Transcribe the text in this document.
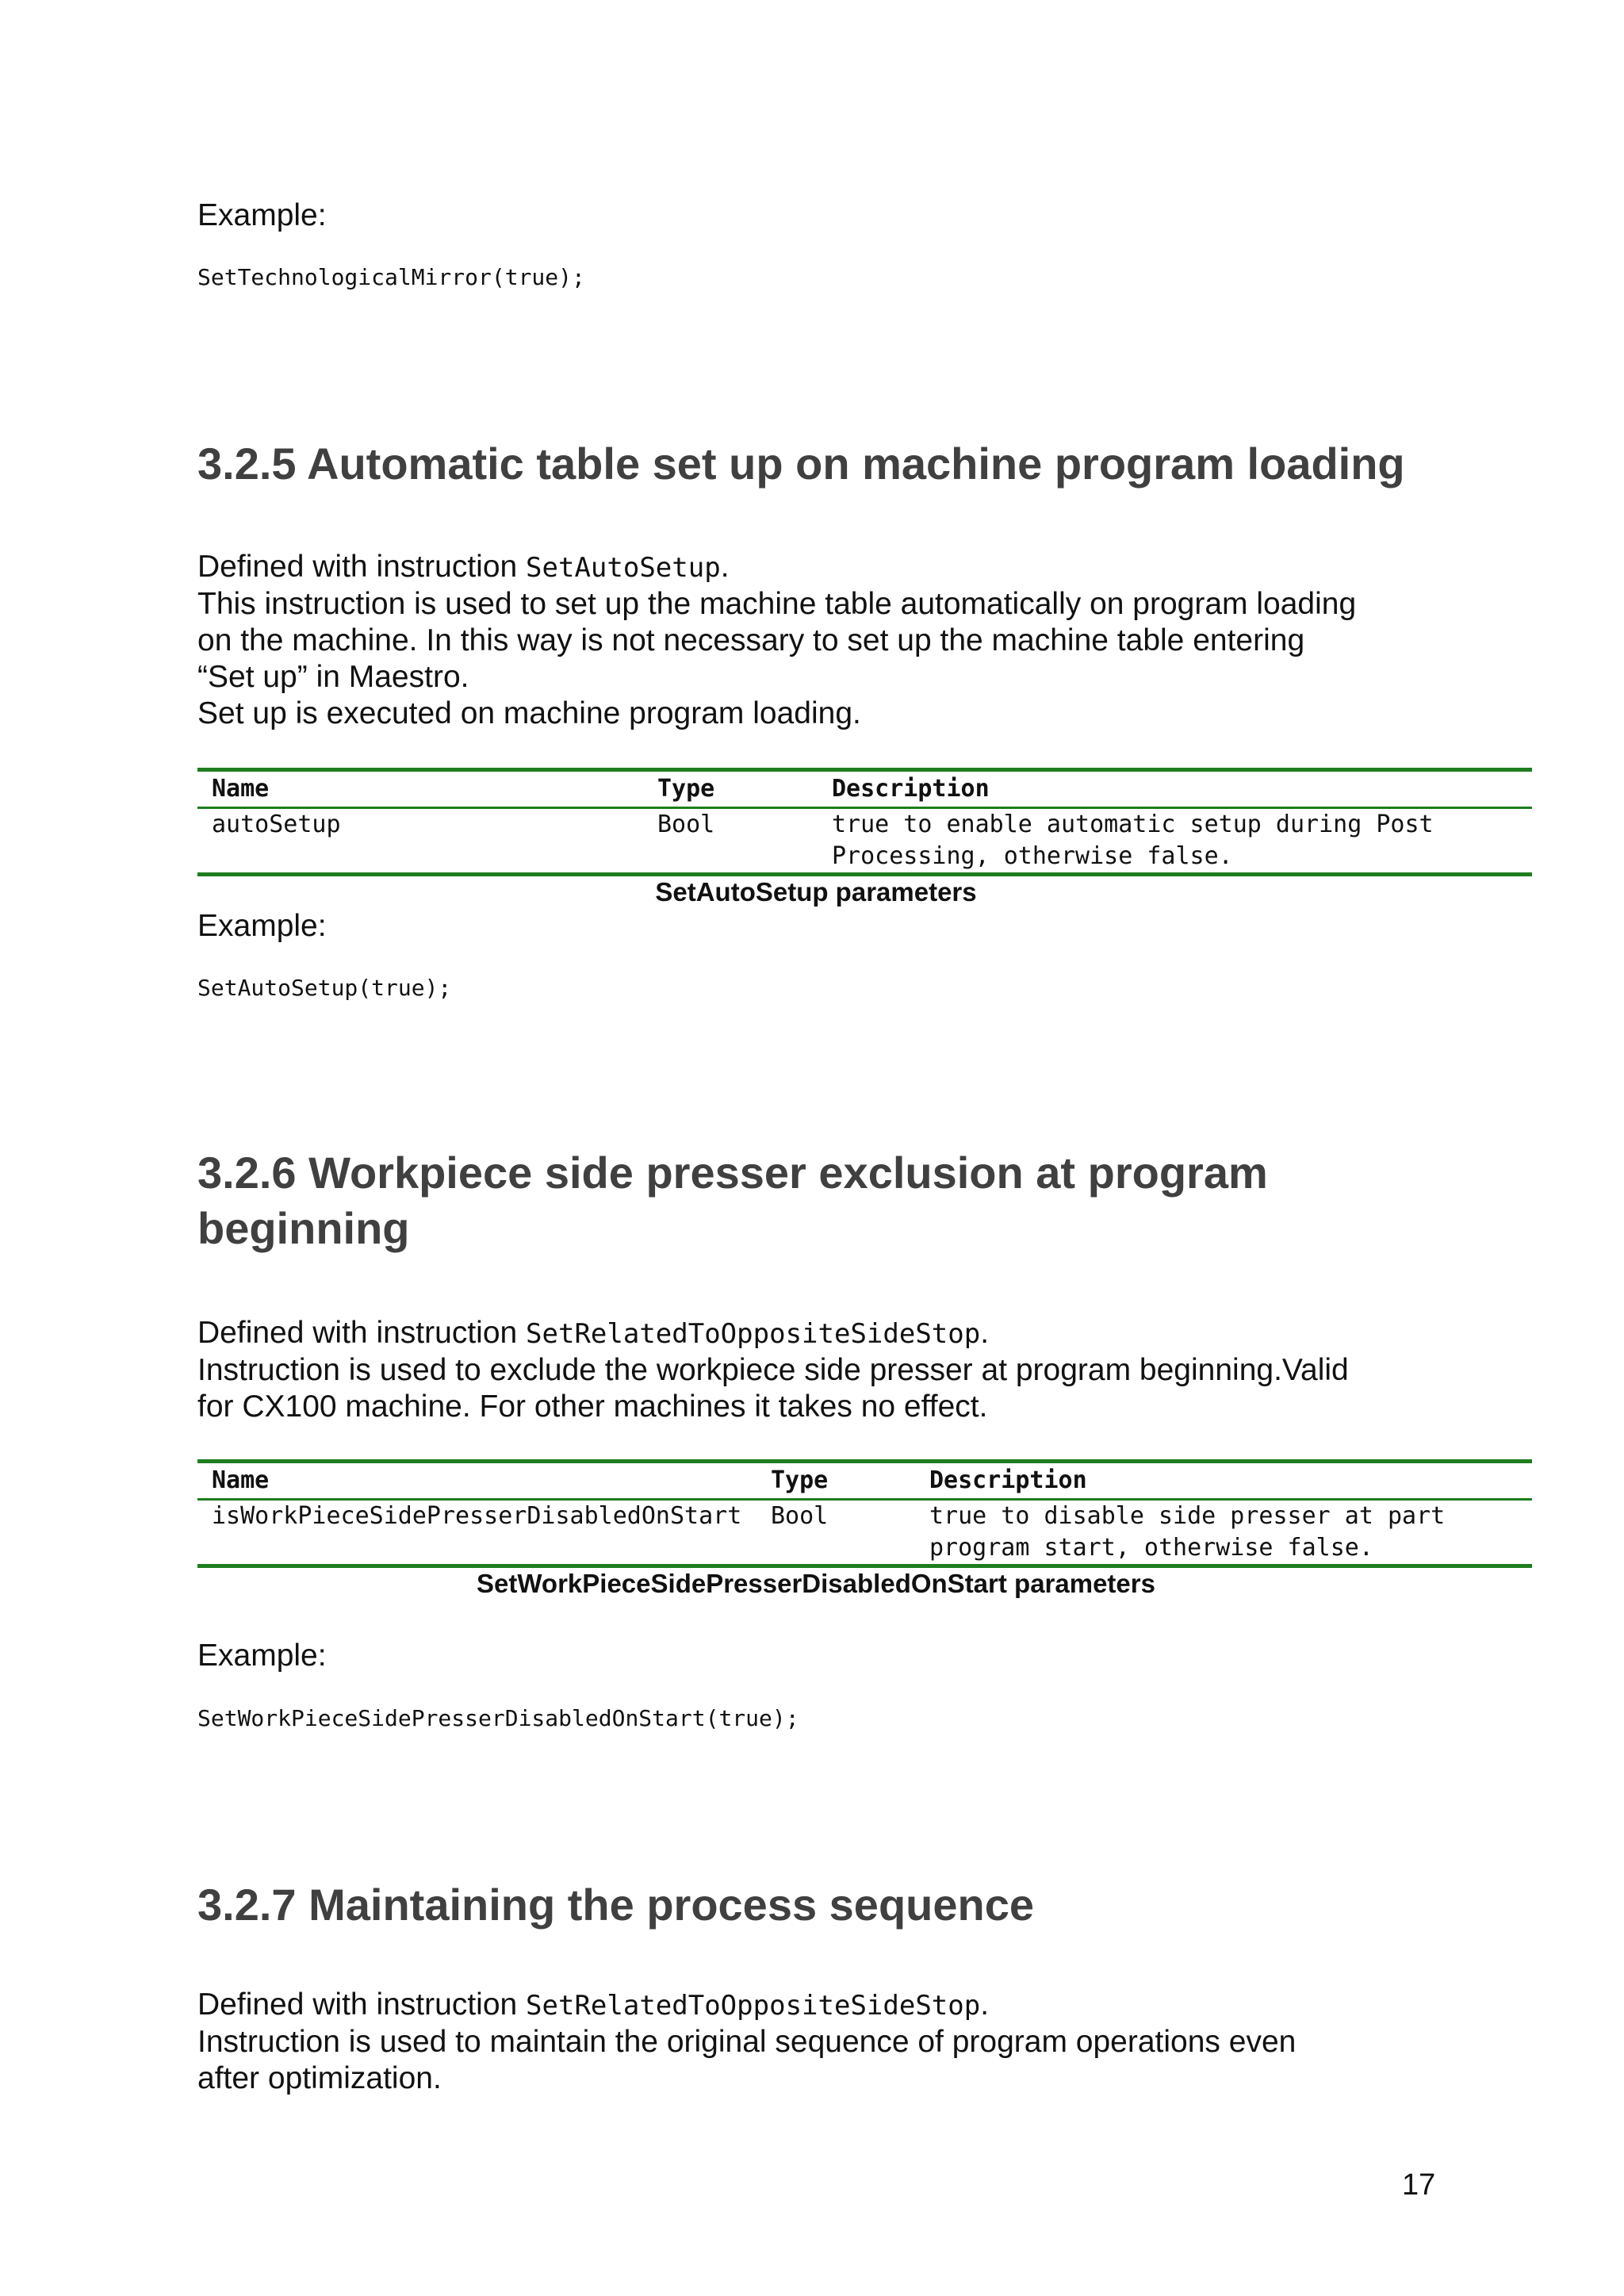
Example:
SetTechnologicalMirror(true);
3.2.5 Automatic table set up on machine program loading

Defined with instruction SetAutoSetup.

This instruction is used to set up the machine table automatically on program loading

on the machine. In this way is not necessary to set up the machine table entering

“Set up” in Maestro.

Set up is executed on machine program loading.

Name	Type	Description
autoSetup	Bool	true to enable automatic setup during Post
Processing, otherwise false.
SetAutoSetup parameters
Example:
SetAutoSetup(true);
3.2.6 Workpiece side presser exclusion at program
beginning

Defined with instruction SetRelatedToOppositeSideStop.

Instruction is used to exclude the workpiece side presser at program beginning.Valid

for CX100 machine. For other machines it takes no effect.

Name	Type	Description
isWorkPieceSidePresserDisabledOnStart	Bool	true to disable side presser at part
program start, otherwise false.
SetWorkPieceSidePresserDisabledOnStart parameters
Example:
SetWorkPieceSidePresserDisabledOnStart(true);
3.2.7 Maintaining the process sequence

Defined with instruction SetRelatedToOppositeSideStop.

Instruction is used to maintain the original sequence of program operations even

after optimization.

17
